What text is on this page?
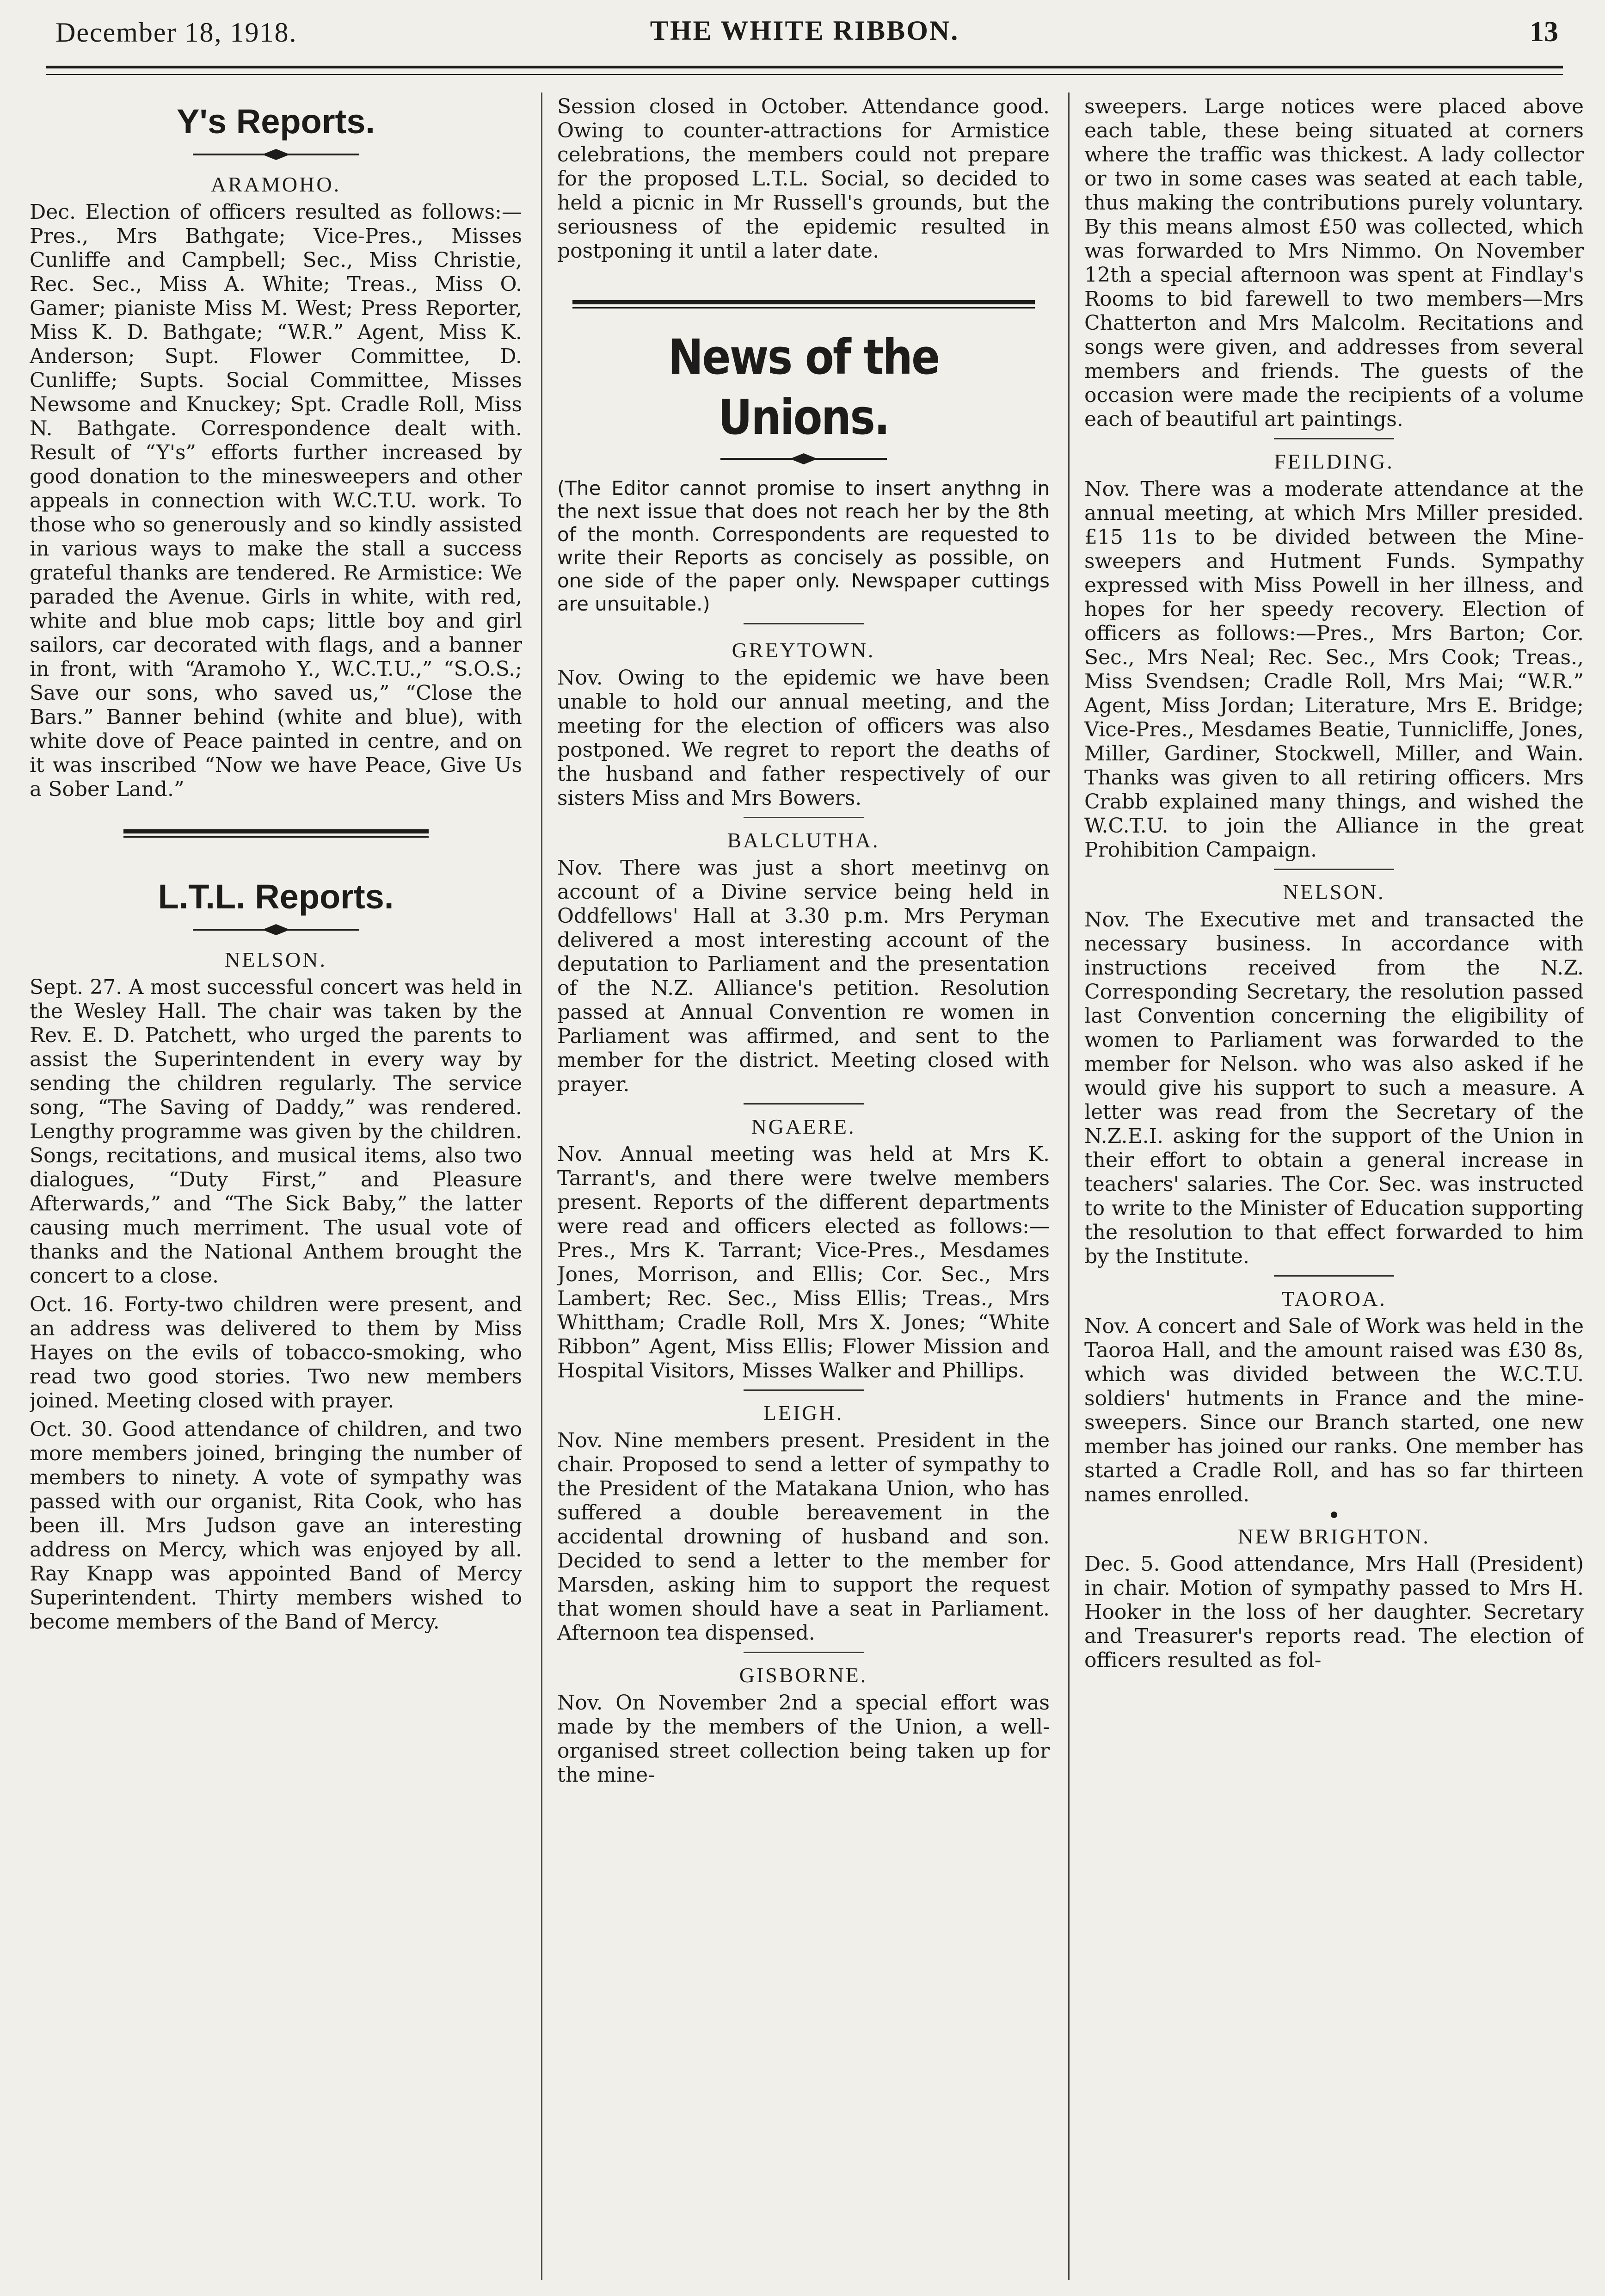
December 18, 1918.	THE WHITE RIBBON.	13
Y's Reports.
ARAMOHO.

Dec. Election of officers resulted as follows:—Pres., Mrs Bathgate; Vice-Pres., Misses Cunliffe and Campbell; Sec., Miss Christie, Rec. Sec., Miss A. White; Treas., Miss O. Gamer; pianiste Miss M. West; Press Reporter, Miss K. D. Bathgate; “W.R.” Agent, Miss K. Anderson; Supt. Flower Committee, D. Cunliffe; Supts. Social Committee, Misses Newsome and Knuckey; Spt. Cradle Roll, Miss N. Bathgate. Correspondence dealt with. Result of “Y's” efforts further increased by good donation to the minesweepers and other appeals in connection with W.C.T.U. work. To those who so generously and so kindly assisted in various ways to make the stall a success grateful thanks are tendered. Re Armistice: We paraded the Avenue. Girls in white, with red, white and blue mob caps; little boy and girl sailors, car decorated with flags, and a banner in front, with “Aramoho Y., W.C.T.U.,” “S.O.S.; Save our sons, who saved us,” “Close the Bars.” Banner behind (white and blue), with white dove of Peace painted in centre, and on it was inscribed “Now we have Peace, Give Us a Sober Land.”

L.T.L. Reports.
NELSON.

Sept. 27. A most successful concert was held in the Wesley Hall. The chair was taken by the Rev. E. D. Patchett, who urged the parents to assist the Superintendent in every way by sending the children regularly. The service song, “The Saving of Daddy,” was rendered. Lengthy programme was given by the children. Songs, recitations, and musical items, also two dialogues, “Duty First,” and Pleasure Afterwards,” and “The Sick Baby,” the latter causing much merriment. The usual vote of thanks and the National Anthem brought the concert to a close.

Oct. 16. Forty-two children were present, and an address was delivered to them by Miss Hayes on the evils of tobacco-smoking, who read two good stories. Two new members joined. Meeting closed with prayer.

Oct. 30. Good attendance of children, and two more members joined, bringing the number of members to ninety. A vote of sympathy was passed with our organist, Rita Cook, who has been ill. Mrs Judson gave an interesting address on Mercy, which was enjoyed by all. Ray Knapp was appointed Band of Mercy Superintendent. Thirty members wished to become members of the Band of Mercy.

Session closed in October. Attendance good. Owing to counter-attractions for Armistice celebrations, the members could not prepare for the proposed L.T.L. Social, so decided to held a picnic in Mr Russell's grounds, but the seriousness of the epidemic resulted in postponing it until a later date.

News of the Unions.

(The Editor cannot promise to insert anythng in the next issue that does not reach her by the 8th of the month. Correspondents are requested to write their Reports as concisely as possible, on one side of the paper only. Newspaper cuttings are unsuitable.)

GREYTOWN.

Nov. Owing to the epidemic we have been unable to hold our annual meeting, and the meeting for the election of officers was also postponed. We regret to report the deaths of the husband and father respectively of our sisters Miss and Mrs Bowers.

BALCLUTHA.

Nov. There was just a short meetinvg on account of a Divine service being held in Oddfellows' Hall at 3.30 p.m. Mrs Peryman delivered a most interesting account of the deputation to Parliament and the presentation of the N.Z. Alliance's petition. Resolution passed at Annual Convention re women in Parliament was affirmed, and sent to the member for the district. Meeting closed with prayer.

NGAERE.

Nov. Annual meeting was held at Mrs K. Tarrant's, and there were twelve members present. Reports of the different departments were read and officers elected as follows:—Pres., Mrs K. Tarrant; Vice-Pres., Mesdames Jones, Morrison, and Ellis; Cor. Sec., Mrs Lambert; Rec. Sec., Miss Ellis; Treas., Mrs Whittham; Cradle Roll, Mrs X. Jones; “White Ribbon” Agent, Miss Ellis; Flower Mission and Hospital Visitors, Misses Walker and Phillips.

LEIGH.

Nov. Nine members present. President in the chair. Proposed to send a letter of sympathy to the President of the Matakana Union, who has suffered a double bereavement in the accidental drowning of husband and son. Decided to send a letter to the member for Marsden, asking him to support the request that women should have a seat in Parliament. Afternoon tea dispensed.

GISBORNE.

Nov. On November 2nd a special effort was made by the members of the Union, a well-organised street collection being taken up for the mine-

sweepers. Large notices were placed above each table, these being situated at corners where the traffic was thickest. A lady collector or two in some cases was seated at each table, thus making the contributions purely voluntary. By this means almost £50 was collected, which was forwarded to Mrs Nimmo. On November 12th a special afternoon was spent at Findlay's Rooms to bid farewell to two members—Mrs Chatterton and Mrs Malcolm. Recitations and songs were given, and addresses from several members and friends. The guests of the occasion were made the recipients of a volume each of beautiful art paintings.

FEILDING.

Nov. There was a moderate attendance at the annual meeting, at which Mrs Miller presided. £15 11s to be divided between the Mine-sweepers and Hutment Funds. Sympathy expressed with Miss Powell in her illness, and hopes for her speedy recovery. Election of officers as follows:—Pres., Mrs Barton; Cor. Sec., Mrs Neal; Rec. Sec., Mrs Cook; Treas., Miss Svendsen; Cradle Roll, Mrs Mai; “W.R.” Agent, Miss Jordan; Literature, Mrs E. Bridge; Vice-Pres., Mesdames Beatie, Tunnicliffe, Jones, Miller, Gardiner, Stockwell, Miller, and Wain. Thanks was given to all retiring officers. Mrs Crabb explained many things, and wished the W.C.T.U. to join the Alliance in the great Prohibition Campaign.

NELSON.

Nov. The Executive met and transacted the necessary business. In accordance with instructions received from the N.Z. Corresponding Secretary, the resolution passed last Convention concerning the eligibility of women to Parliament was forwarded to the member for Nelson. who was also asked if he would give his support to such a measure. A letter was read from the Secretary of the N.Z.E.I. asking for the support of the Union in their effort to obtain a general increase in teachers' salaries. The Cor. Sec. was instructed to write to the Minister of Education supporting the resolution to that effect forwarded to him by the Institute.

TAOROA.

Nov. A concert and Sale of Work was held in the Taoroa Hall, and the amount raised was £30 8s, which was divided between the W.C.T.U. soldiers' hutments in France and the mine-sweepers. Since our Branch started, one new member has joined our ranks. One member has started a Cradle Roll, and has so far thirteen names enrolled.

NEW BRIGHTON.

Dec. 5. Good attendance, Mrs Hall (President) in chair. Motion of sympathy passed to Mrs H. Hooker in the loss of her daughter. Secretary and Treasurer's reports read. The election of officers resulted as fol-
